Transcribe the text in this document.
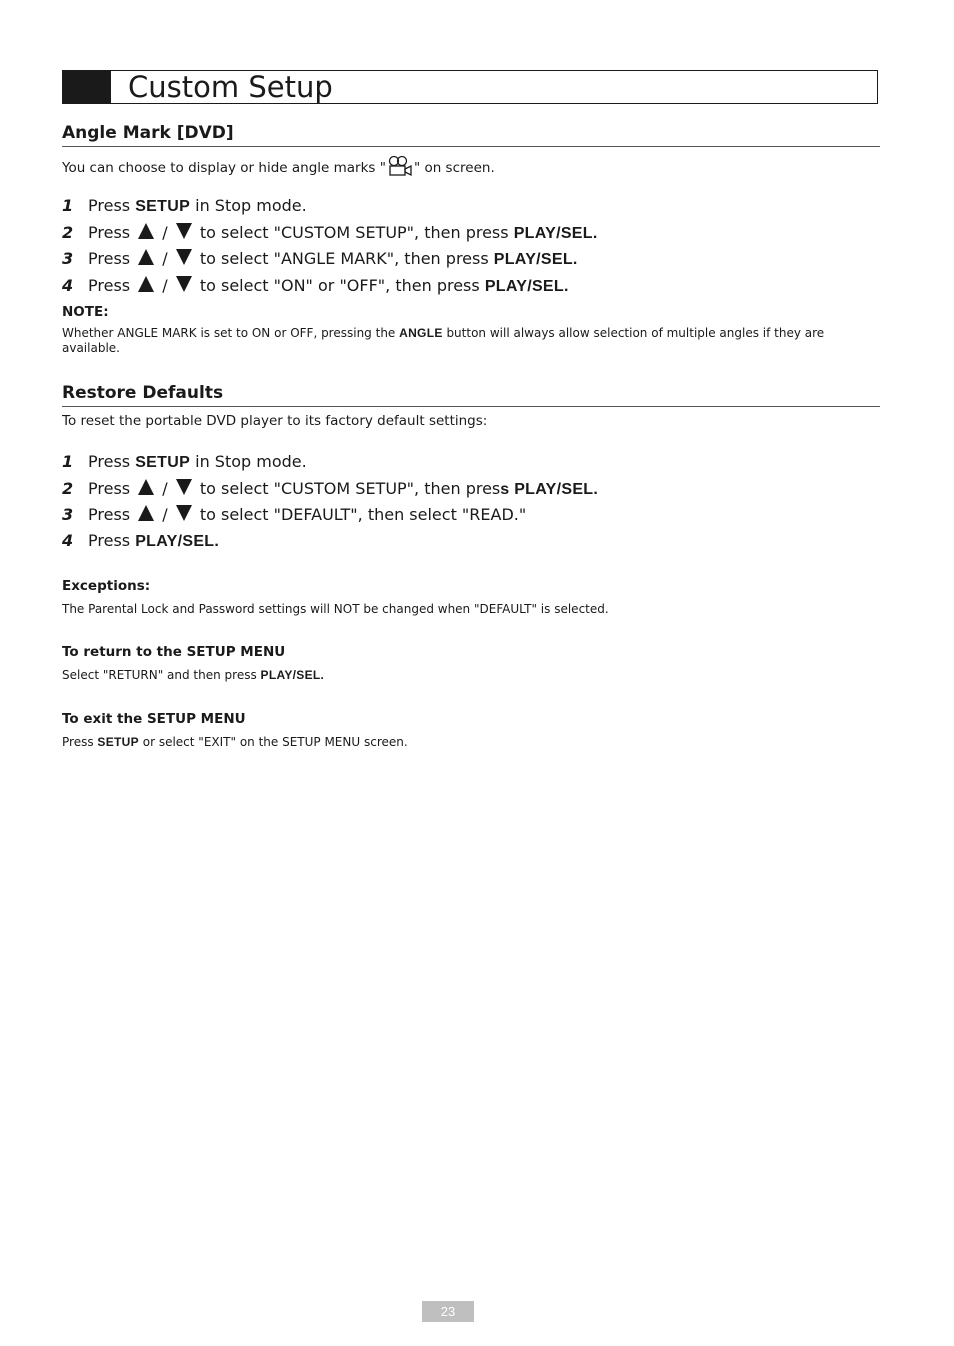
Custom Setup
Angle Mark [DVD]
You can choose to display or hide angle marks " " on screen.
1 Press SETUP in Stop mode.
2 Press  /  to select "CUSTOM SETUP", then press PLAY/SEL.
3 Press  /  to select "ANGLE MARK", then press PLAY/SEL.
4 Press  /  to select "ON" or "OFF", then press PLAY/SEL.
NOTE:
Whether ANGLE MARK is set to ON or OFF, pressing the ANGLE button will always allow selection of multiple angles if they are available.
Restore Defaults
To reset the portable DVD player to its factory default settings:
1 Press SETUP in Stop mode.
2 Press  /  to select "CUSTOM SETUP", then press PLAY/SEL.
3 Press  /  to select "DEFAULT", then select "READ."
4 Press PLAY/SEL.
Exceptions:
The Parental Lock and Password settings will NOT be changed when "DEFAULT" is selected.
To return to the SETUP MENU
Select "RETURN" and then press PLAY/SEL.
To exit the SETUP MENU
Press SETUP or select "EXIT" on the SETUP MENU screen.
23
